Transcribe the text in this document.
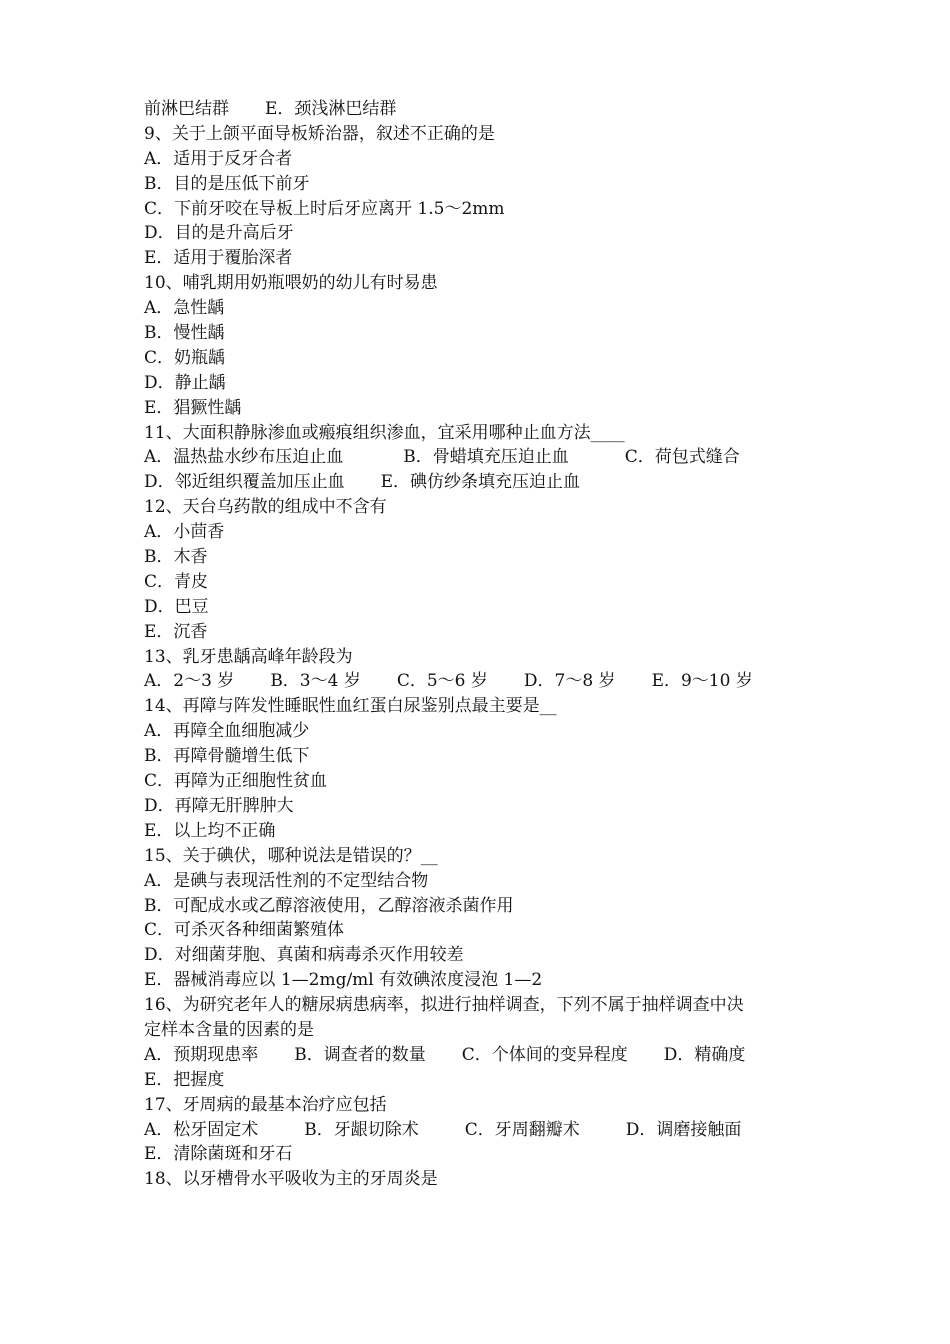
前淋巴结群 E．颈浅淋巴结群
9、关于上颌平面导板矫治器，叙述不正确的是
A．适用于反牙合者
B．目的是压低下前牙
C．下前牙咬在导板上时后牙应离开 1.5～2mm
D．目的是升高后牙
E．适用于覆胎深者
10、哺乳期用奶瓶喂奶的幼儿有时易患
A．急性龋
B．慢性龋
C．奶瓶龋
D．静止龋
E．猖獗性龋
11、大面积静脉渗血或瘢痕组织渗血，宜采用哪种止血方法____
A．温热盐水纱布压迫止血	B．骨蜡填充压迫止血	C．荷包式缝合
D．邻近组织覆盖加压止血 E．碘仿纱条填充压迫止血
12、天台乌药散的组成中不含有
A．小茴香
B．木香
C．青皮
D．巴豆
E．沉香
13、乳牙患龋高峰年龄段为
A．2～3 岁 B．3～4 岁 C．5～6 岁 D．7～8 岁 E．9～10 岁
14、再障与阵发性睡眠性血红蛋白尿鉴别点最主要是__
A．再障全血细胞减少
B．再障骨髓增生低下
C．再障为正细胞性贫血
D．再障无肝脾肿大
E．以上均不正确
15、关于碘伏，哪种说法是错误的？__
A．是碘与表现活性剂的不定型结合物
B．可配成水或乙醇溶液使用，乙醇溶液杀菌作用
C．可杀灭各种细菌繁殖体
D．对细菌芽胞、真菌和病毒杀灭作用较差
E．器械消毒应以 1—2mg/ml 有效碘浓度浸泡 1—2
16、为研究老年人的糖尿病患病率，拟进行抽样调查，下列不属于抽样调查中决
定样本含量的因素的是
A．预期现患率 B．调查者的数量 C．个体间的变异程度 D．精确度
E．把握度
17、牙周病的最基本治疗应包括
A．松牙固定术	B．牙龈切除术	C．牙周翻瓣术	D．调磨接触面
E．清除菌斑和牙石
18、以牙槽骨水平吸收为主的牙周炎是
